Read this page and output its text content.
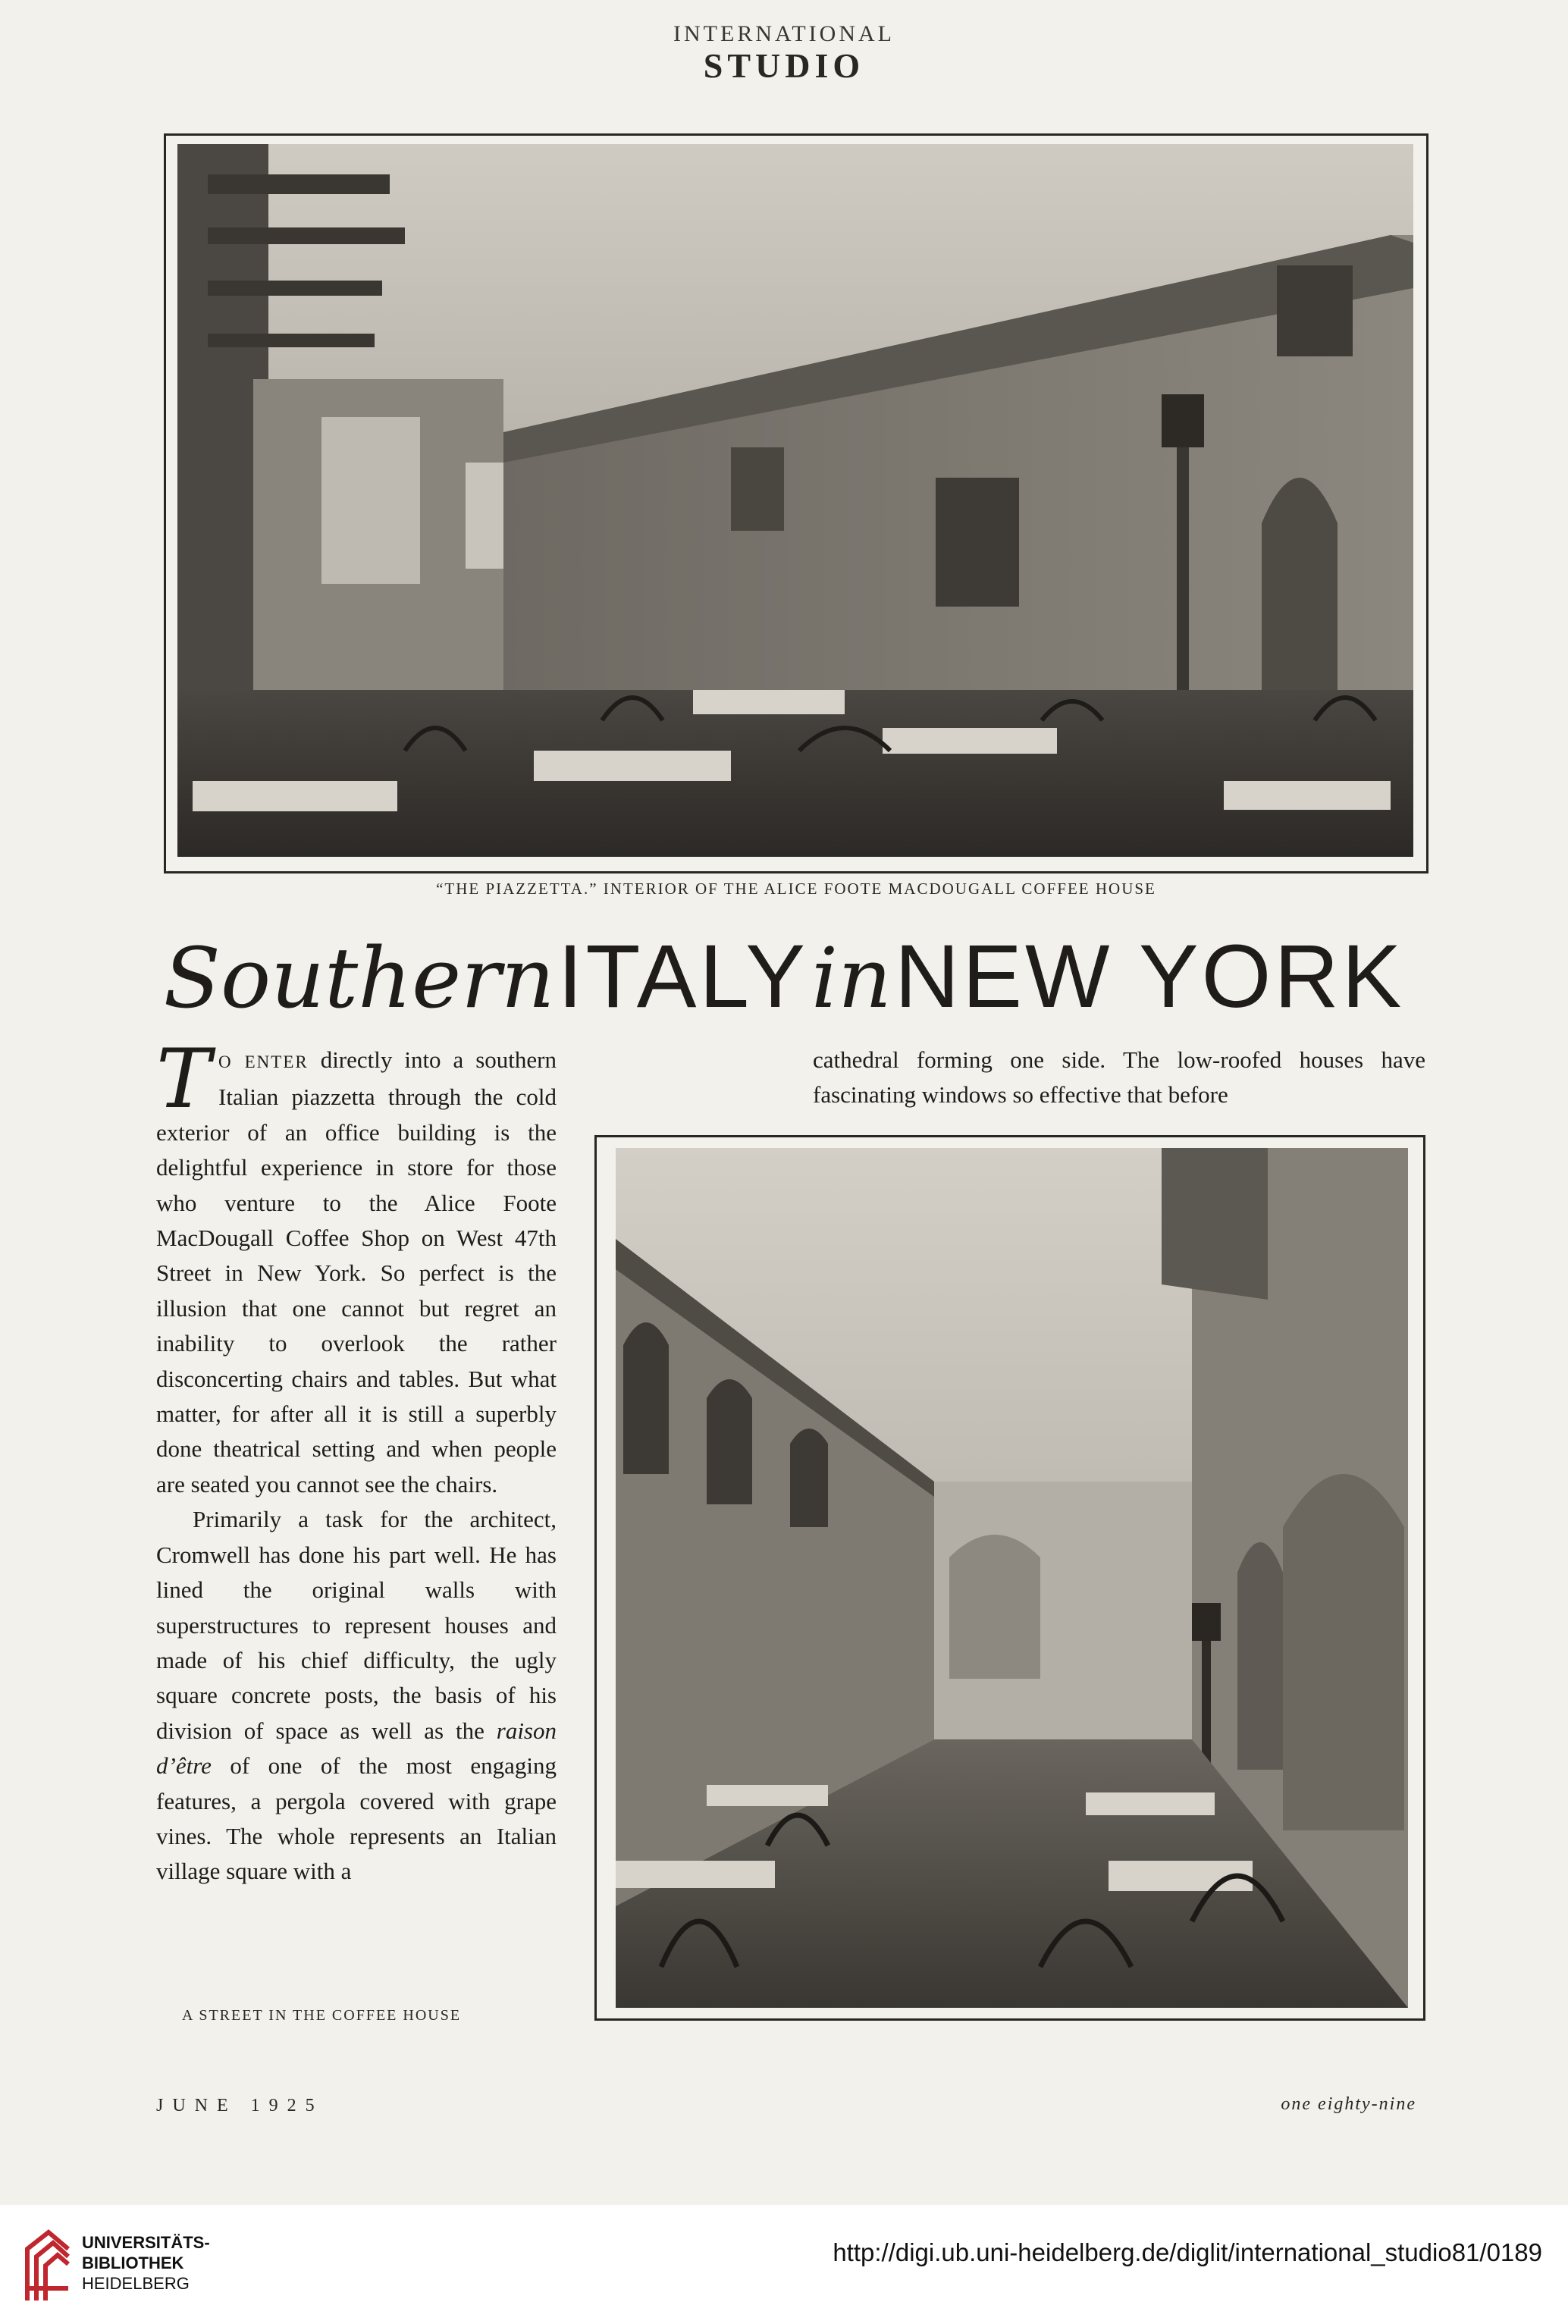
INTERNATIONAL
STUDIO
“THE PIAZZETTA.” INTERIOR OF THE ALICE FOOTE MACDOUGALL COFFEE HOUSE
Southern ITALY in NEW YORK

TO ENTER directly into a southern Italian piazzetta through the cold exterior of an office building is the delightful experience in store for those who venture to the Alice Foote MacDougall Coffee Shop on West 47th Street in New York. So perfect is the illusion that one cannot but regret an inability to overlook the rather disconcerting chairs and tables. But what matter, for after all it is still a superbly done theatrical setting and when people are seated you cannot see the chairs.

Primarily a task for the architect, Cromwell has done his part well. He has lined the original walls with superstructures to represent houses and made of his chief difficulty, the ugly square concrete posts, the basis of his division of space as well as the raison d’être of one of the most engaging features, a pergola covered with grape vines. The whole represents an Italian village square with a

cathedral forming one side. The low-roofed houses have fascinating windows so effective that before

A STREET IN THE COFFEE HOUSE
JUNE 1925	one eighty-nine
UNIVERSITÄTS-
BIBLIOTHEK
HEIDELBERG
http://digi.ub.uni-heidelberg.de/diglit/international_studio81/0189
